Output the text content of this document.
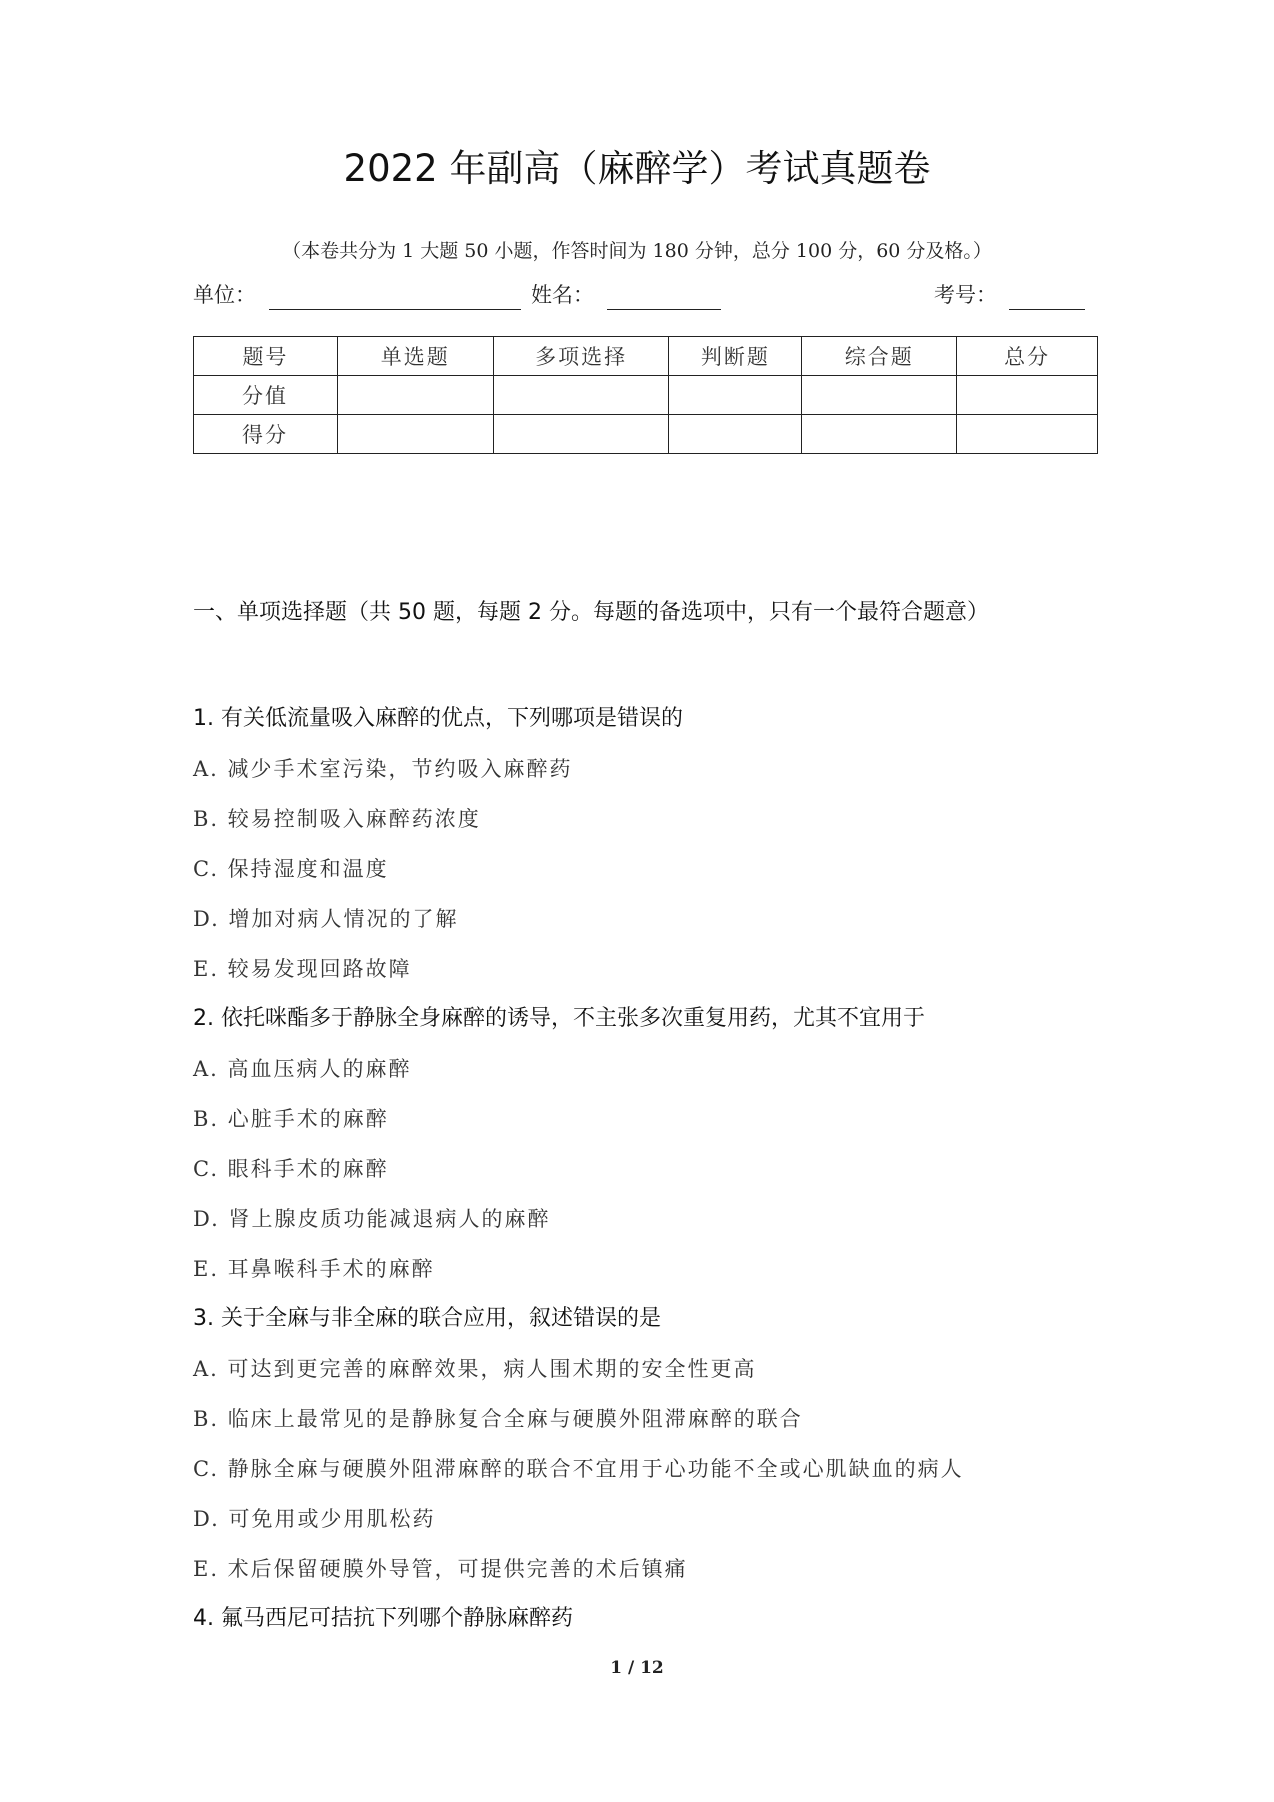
2022 年副高（麻醉学）考试真题卷
（本卷共分为 1 大题 50 小题，作答时间为 180 分钟，总分 100 分，60 分及格。）
单位：	姓名：	考号：
题号	单选题	多项选择	判断题	综合题	总分
分值					
得分					
一、单项选择题（共 50 题，每题 2 分。每题的备选项中，只有一个最符合题意）
1. 有关低流量吸入麻醉的优点，下列哪项是错误的
A. 减少手术室污染，节约吸入麻醉药
B. 较易控制吸入麻醉药浓度
C. 保持湿度和温度
D. 增加对病人情况的了解
E. 较易发现回路故障
2. 依托咪酯多于静脉全身麻醉的诱导，不主张多次重复用药，尤其不宜用于
A. 高血压病人的麻醉
B. 心脏手术的麻醉
C. 眼科手术的麻醉
D. 肾上腺皮质功能减退病人的麻醉
E. 耳鼻喉科手术的麻醉
3. 关于全麻与非全麻的联合应用，叙述错误的是
A. 可达到更完善的麻醉效果，病人围术期的安全性更高
B. 临床上最常见的是静脉复合全麻与硬膜外阻滞麻醉的联合
C. 静脉全麻与硬膜外阻滞麻醉的联合不宜用于心功能不全或心肌缺血的病人
D. 可免用或少用肌松药
E. 术后保留硬膜外导管，可提供完善的术后镇痛
4. 氟马西尼可拮抗下列哪个静脉麻醉药
1 / 12
